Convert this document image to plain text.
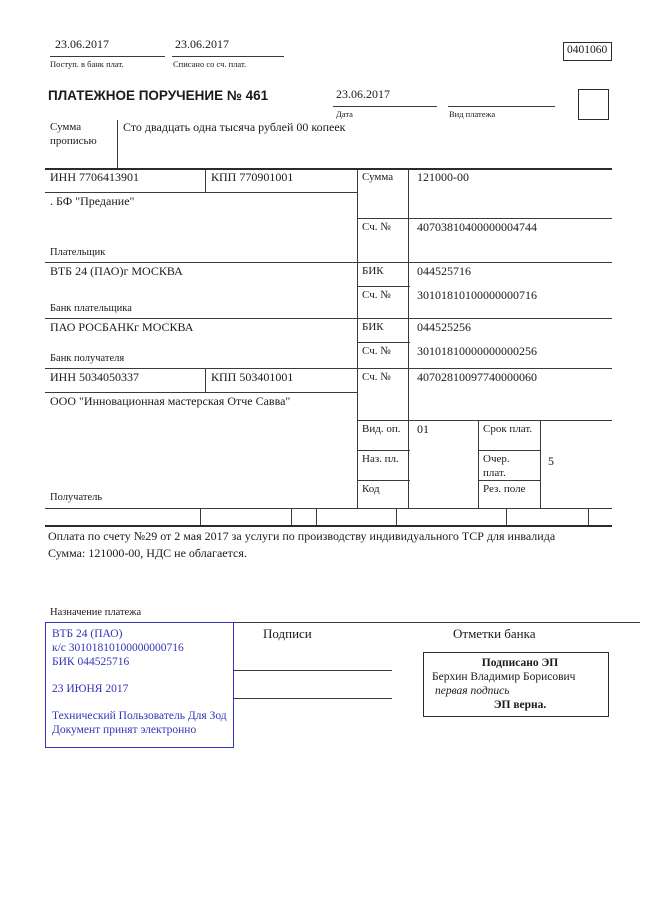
23.06.2017
Поступ. в банк плат.
23.06.2017
Списано со сч. плат.
0401060
ПЛАТЕЖНОЕ ПОРУЧЕНИЕ № 461	23.06.2017
Дата	Вид платежа
Сумма прописью
Сто двадцать одна тысяча рублей 00 копеек
ИНН 7706413901	КПП 770901001	Сумма 121000-00
. БФ "Предание"
Сч. № 40703810400000004744
Плательщик
ВТБ 24 (ПАО)г МОСКВА	БИК	044525716
Сч. № 30101810100000000716
Банк плательщика
ПАО РОСБАНКг МОСКВА	БИК	044525256
Сч. № 30101810000000000256
Банк получателя
ИНН 5034050337	КПП 503401001	Сч. № 40702810097740000060
ООО "Инновационная мастерская Отче Савва"
Вид. оп. 01	Срок плат.
Наз. пл.	Очер. плат.
5
Код	Рез. поле
Получатель
Оплата по счету №29 от 2 мая 2017 за услуги по производству индивидуального ТСР для инвалида
Сумма: 121000-00, НДС не облагается.
Назначение платежа

ВТБ 24 (ПАО)

к/с 30101810100000000716

БИК 044525716

23 ИЮНЯ 2017

Технический Пользователь Для Зод

Документ принят электронно

Подписи	Отметки банка

Подписано ЭП

Берхин Владимир Борисович

первая подпись

ЭП верна.
